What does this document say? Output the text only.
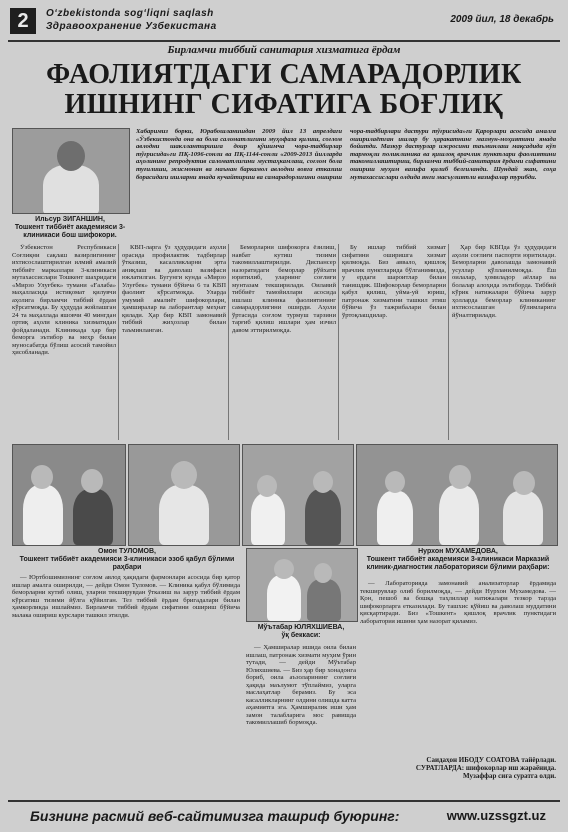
2	O‘zbekistonda sog‘liqni saqlash
Здравоохранение Узбекистана
2009 йил, 18 декабрь
Бирламчи тиббий санитария хизматига ёрдам
ФАОЛИЯТДАГИ САМАРАДОРЛИК
ИШНИНГ СИФАТИГА БОҒЛИҚ
Ильсур ЗИГАНШИН,
Тошкент тиббиёт академияси 3-клиникаси бош шифокори.
Хабаримиз борки, Юрабошланишдан 2009 йил 13 апрелдаги «Ўзбекистонда она ва бола саломатлигини муҳофаза қилиш, соғлом авлодни шакллантиришга доир қўшимча чора-тадбирлар тўғрисида»ги ПҚ-1096-сонли ва ПҚ-1144-сонли «2009-2013 йилларда аҳолининг репродуктив саломатлигини мустаҳкамлаш, соғлом бола туғилиши, жисмонан ва маънан баркамол авлодни вояга етказиш борасидаги ишларни янада кучайтириш ва самарадорлигини ошириш чора-тадбирлари дастури тўғрисида»ги Қарорлари асосида амалга оширилаётган ишлар бу ҳаракатнинг мазмун-моҳиятини янада бойитди. Мазкур дастурлар ижросини таъминлаш мақсадида кўп тармоқли поликлиника ва қишлоқ врачлик пунктлари фаолиятини такомиллаштириш, бирламчи тиббий-санитария ёрдами сифатини ошириш муҳим вазифа қилиб белгиланди. Шундай экан, соҳа мутахассислари олдида янги масъулиятли вазифалар турибди.

Ўзбекистон Республикаси Соғлиқни сақлаш вазирлигининг ихтисослаштирилган илмий амалий тиббиёт марказлари 3-клиникаси мутахассислари Тошкент шаҳридаги «Мирзо Улуғбек» тумани «Ғалаба» маҳалласида истиқомат қилувчи аҳолига бирламчи тиббий ёрдам кўрсатмоқда. Бу ҳудудда жойлашган 24 та маҳаллада яшовчи 40 мингдан ортиқ аҳоли клиника хизматидан фойдаланади. Клиникада ҳар бир беморга эътибор ва меҳр билан муносабатда бўлиш асосий тамойил ҳисобланади.

КВП-ларга ўз ҳудудидаги аҳоли орасида профилактик тадбирлар ўтказиш, касалликларни эрта аниқлаш ва даволаш вазифаси юклатилган. Бугунги кунда «Мирзо Улуғбек» тумани бўйича 6 та КВП фаолият кўрсатмоқда. Уларда умумий амалиёт шифокорлари, ҳамширалар ва лаборантлар меҳнат қилади. Ҳар бир КВП замонавий тиббий жиҳозлар билан таъминланган.

Беморларни шифокорга ёзилиш, навбат кутиш тизими такомиллаштирилди. Диспансер назоратидаги беморлар рўйхати юритилиб, уларнинг соғлиғи мунтазам текширилади. Оилавий тиббиёт тамойиллари асосида ишлаш клиника фаолиятининг самарадорлигини оширди. Аҳоли ўртасида соғлом турмуш тарзини тарғиб қилиш ишлари ҳам изчил давом эттирилмоқда.

Бу ишлар тиббий хизмат сифатини оширишга хизмат қилмоқда. Биз аввало, қишлоқ врачлик пунктларида бўлганимизда, у ердаги шароитлар билан танишдик. Шифокорлар беморларни қабул қилиш, уйма-уй юриш, патронаж хизматини ташкил этиш бўйича ўз тажрибалари билан ўртоқлашдилар.

Ҳар бир КВПда ўз ҳудудидаги аҳоли соғлиғи паспорти юритилади. Беморларни даволашда замонавий усуллар қўлланилмоқда. Ёш оилалар, ҳомиладор аёллар ва болалар алоҳида эътиборда. Тиббий кўрик натижалари бўйича зарур ҳолларда беморлар клиниканинг ихтисослашган бўлимларига йўналтирилади.

Омон ТУЛОМОВ,
Тошкент тиббиёт академияси 3-клиникаси эзоб қабул бўлими раҳбари
Нурхон МУХАМЕДОВА,
Тошкент тиббиёт академияси 3-клиникаси Марказий клиник-диагностик лабораторияси бўлими раҳбари:

— Юртбошимизнинг соғлом авлод ҳақидаги фармонлари асосида бир қатор ишлар амалга оширилди, — дейди Омон Туломов. — Клиника қабул бўлимида беморларни кутиб олиш, уларни текширувдан ўтказиш ва зарур тиббий ёрдам кўрсатиш тизими йўлга қўйилган. Тез тиббий ёрдам бригадалари билан ҳамкорликда ишлаймиз. Бирламчи тиббий ёрдам сифатини ошириш бўйича малака ошириш курслари ташкил этилди.

Мўътабар ЮЛЯХШИЕВА,
ўқ беккаси:

— Ҳамширалар ишида оила билан ишлаш, патронаж хизмати муҳим ўрин тутади, — дейди Мўътабар Юляхшиева. — Биз ҳар бир хонадонга бориб, оила аъзоларининг соғлиғи ҳақида маълумот тўплаймиз, уларга маслаҳатлар берамиз. Бу эса касалликларнинг олдини олишда катта аҳамиятга эга. Ҳамширалик иши ҳам замон талабларига мос равишда такомиллашиб бормоқда.

— Лабораторияда замонавий анализаторлар ёрдамида текширувлар олиб борилмоқда, — дейди Нурхон Мухамедова. — Қон, пешоб ва бошқа таҳлиллар натижалари тезкор тарзда шифокорларга етказилади. Бу ташхис қўйиш ва даволаш муддатини қисқартиради. Биз «Тошкент» қишлоқ врачлик пунктидаги лаборатория ишини ҳам назорат қиламиз.

Саидаҳон ИБОДУ СОАТОВА тайёрлади.
СУРАТЛАРДА: шифокорлар иш жараёнида.
Музаффар сиға суратга олди.
Бизнинг расмий веб-сайтимизга ташриф буюринг:	www.uzssgzt.uz
